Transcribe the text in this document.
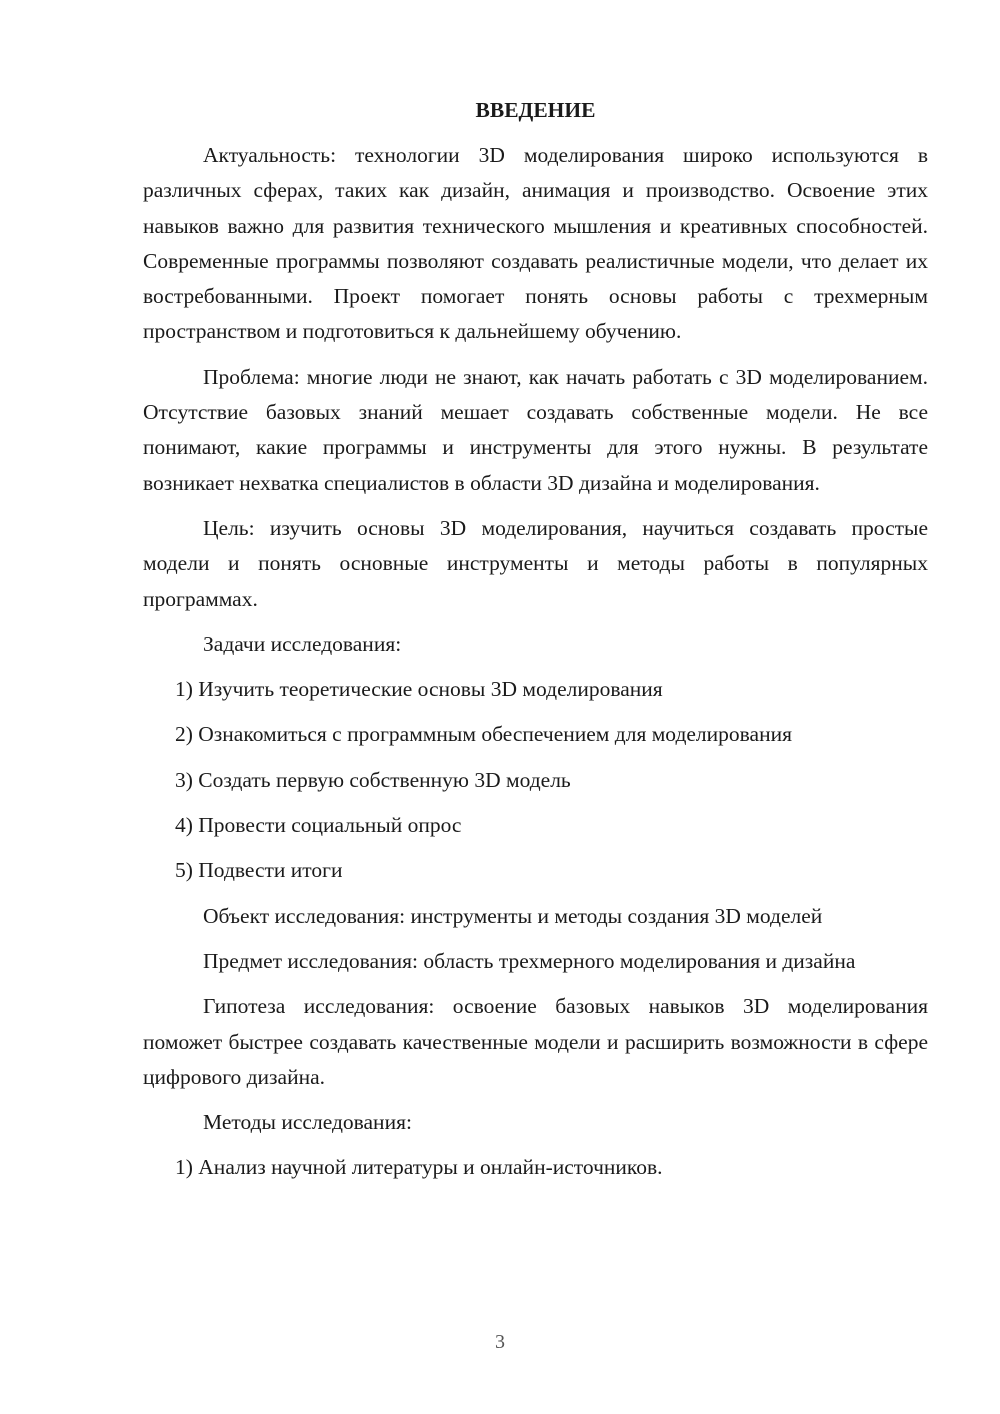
ВВЕДЕНИЕ

Актуальность: технологии 3D моделирования широко используются в различных сферах, таких как дизайн, анимация и производство. Освоение этих навыков важно для развития технического мышления и креативных способностей. Современные программы позволяют создавать реалистичные модели, что делает их востребованными. Проект помогает понять основы работы с трехмерным пространством и подготовиться к дальнейшему обучению.

Проблема: многие люди не знают, как начать работать с 3D моделированием. Отсутствие базовых знаний мешает создавать собственные модели. Не все понимают, какие программы и инструменты для этого нужны. В результате возникает нехватка специалистов в области 3D дизайна и моделирования.

Цель: изучить основы 3D моделирования, научиться создавать простые модели и понять основные инструменты и методы работы в популярных программах.

Задачи исследования:
1) Изучить теоретические основы 3D моделирования
2) Ознакомиться с программным обеспечением для моделирования
3) Создать первую собственную 3D модель
4) Провести социальный опрос
5) Подвести итоги

Объект исследования: инструменты и методы создания 3D моделей

Предмет исследования: область трехмерного моделирования и дизайна

Гипотеза исследования: освоение базовых навыков 3D моделирования поможет быстрее создавать качественные модели и расширить возможности в сфере цифрового дизайна.

Методы исследования:
1) Анализ научной литературы и онлайн-источников.
3
